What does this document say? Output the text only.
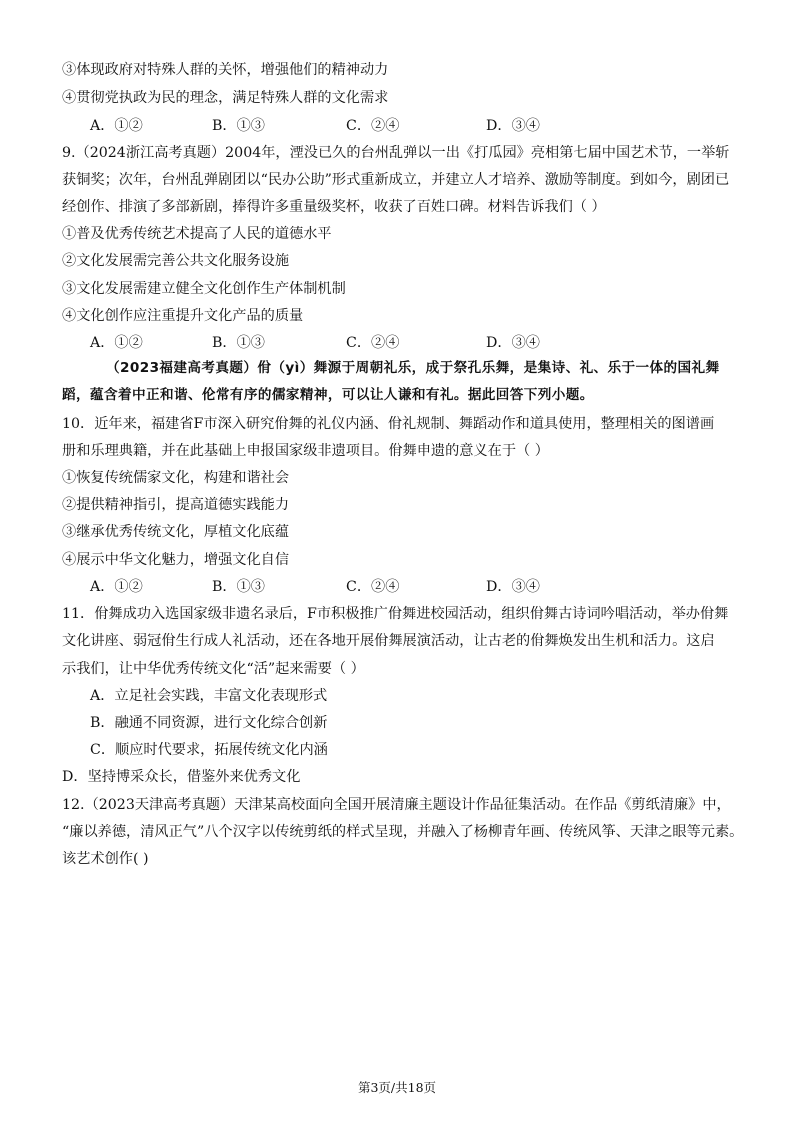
③体现政府对特殊人群的关怀，增强他们的精神动力
④贯彻党执政为民的理念，满足特殊人群的文化需求
A．①②	B．①③	C．②④	D．③④
9.（2024浙江高考真题）2004年，湮没已久的台州乱弹以一出《打瓜园》亮相第七届中国艺术节，一举斩
获铜奖；次年，台州乱弹剧团以“民办公助”形式重新成立，并建立人才培养、激励等制度。到如今，剧团已
经创作、排演了多部新剧，捧得许多重量级奖杯，收获了百姓口碑。材料告诉我们（ ）
①普及优秀传统艺术提高了人民的道德水平
②文化发展需完善公共文化服务设施
③文化发展需建立健全文化创作生产体制机制
④文化创作应注重提升文化产品的质量
A．①②	B．①③	C．②④	D．③④
（2023福建高考真题）佾（yì）舞源于周朝礼乐，成于祭孔乐舞，是集诗、礼、乐于一体的国礼舞
蹈，蕴含着中正和谐、伦常有序的儒家精神，可以让人谦和有礼。据此回答下列小题。
10．近年来，福建省F市深入研究佾舞的礼仪内涵、佾礼规制、舞蹈动作和道具使用，整理相关的图谱画
册和乐理典籍，并在此基础上申报国家级非遗项目。佾舞申遗的意义在于（ ）
①恢复传统儒家文化，构建和谐社会
②提供精神指引，提高道德实践能力
③继承优秀传统文化，厚植文化底蕴
④展示中华文化魅力，增强文化自信
A．①②	B．①③	C．②④	D．③④
11．佾舞成功入选国家级非遗名录后，F市积极推广佾舞进校园活动，组织佾舞古诗词吟唱活动，举办佾舞
文化讲座、弱冠佾生行成人礼活动，还在各地开展佾舞展演活动，让古老的佾舞焕发出生机和活力。这启
示我们，让中华优秀传统文化“活”起来需要（ ）
A．立足社会实践，丰富文化表现形式
B．融通不同资源，进行文化综合创新
C．顺应时代要求，拓展传统文化内涵
D．坚持博采众长，借鉴外来优秀文化
12.（2023天津高考真题）天津某高校面向全国开展清廉主题设计作品征集活动。在作品《剪纸清廉》中，
“廉以养德，清风正气”八个汉字以传统剪纸的样式呈现，并融入了杨柳青年画、传统风筝、天津之眼等元素。
该艺术创作( )
第3页/共18页
